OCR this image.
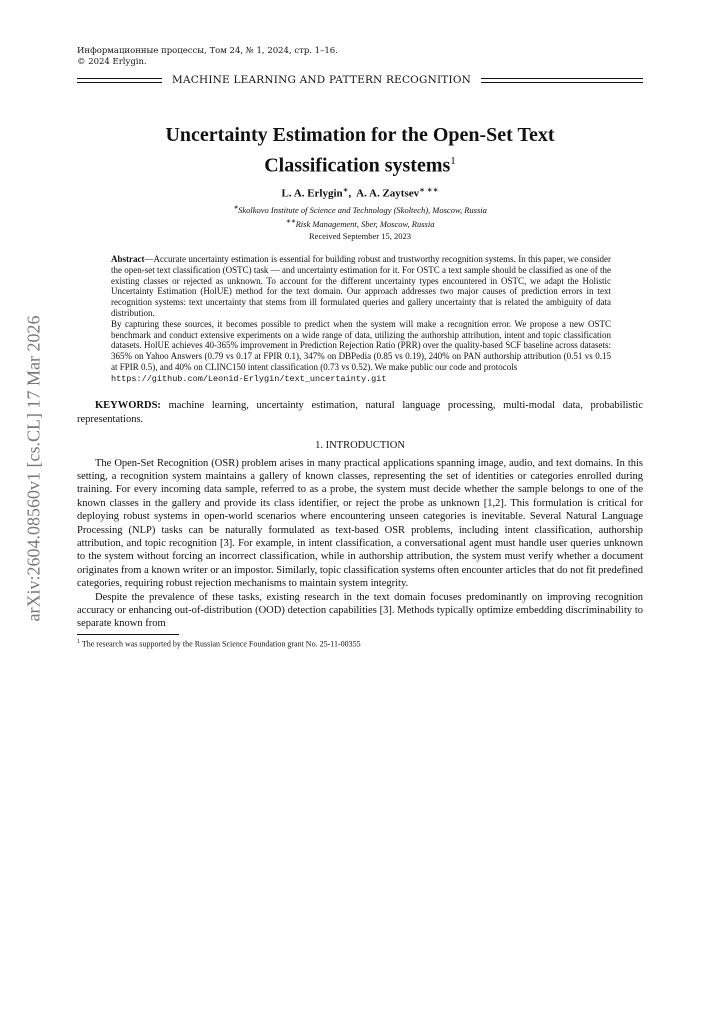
arXiv:2604.08560v1 [cs.CL] 17 Mar 2026
Информационные процессы, Том 24, № 1, 2024, стр. 1–16.
© 2024 Erlygin.
MACHINE LEARNING AND PATTERN RECOGNITION
Uncertainty Estimation for the Open-Set Text
Classification systems$^1$
L. A. Erlygin∗,  A. A. Zaytsev∗ ∗∗
∗Skolkovo Institute of Science and Technology (Skoltech), Moscow, Russia
∗∗Risk Management, Sber, Moscow, Russia
Received September 15, 2023

Abstract—Accurate uncertainty estimation is essential for building robust and trustworthy recognition systems. In this paper, we consider the open-set text classification (OSTC) task — and uncertainty estimation for it. For OSTC a text sample should be classified as one of the existing classes or rejected as unknown. To account for the different uncertainty types encountered in OSTC, we adapt the Holistic Uncertainty Estimation (HolUE) method for the text domain. Our approach addresses two major causes of prediction errors in text recognition systems: text uncertainty that stems from ill formulated queries and gallery uncertainty that is related the ambiguity of data distribution.

By capturing these sources, it becomes possible to predict when the system will make a recognition error. We propose a new OSTC benchmark and conduct extensive experiments on a wide range of data, utilizing the authorship attribution, intent and topic classification datasets. HolUE achieves 40-365% improvement in Prediction Rejection Ratio (PRR) over the quality-based SCF baseline across datasets: 365% on Yahoo Answers (0.79 vs 0.17 at FPIR 0.1), 347% on DBPedia (0.85 vs 0.19), 240% on PAN authorship attribution (0.51 vs 0.15 at FPIR 0.5), and 40% on CLINC150 intent classification (0.73 vs 0.52). We make public our code and protocols
https://github.com/Leonid-Erlygin/text_uncertainty.git

KEYWORDS: machine learning, uncertainty estimation, natural language processing, multi-modal data, probabilistic representations.
1. INTRODUCTION

The Open-Set Recognition (OSR) problem arises in many practical applications spanning image, audio, and text domains. In this setting, a recognition system maintains a gallery of known classes, representing the set of identities or categories enrolled during training. For every incoming data sample, referred to as a probe, the system must decide whether the sample belongs to one of the known classes in the gallery and provide its class identifier, or reject the probe as unknown [1,2]. This formulation is critical for deploying robust systems in open-world scenarios where encountering unseen categories is inevitable. Several Natural Language Processing (NLP) tasks can be naturally formulated as text-based OSR problems, including intent classification, authorship attribution, and topic recognition [3]. For example, in intent classification, a conversational agent must handle user queries unknown to the system without forcing an incorrect classification, while in authorship attribution, the system must verify whether a document originates from a known writer or an impostor. Similarly, topic classification systems often encounter articles that do not fit predefined categories, requiring robust rejection mechanisms to maintain system integrity.

Despite the prevalence of these tasks, existing research in the text domain focuses predominantly on improving recognition accuracy or enhancing out-of-distribution (OOD) detection capabilities [3]. Methods typically optimize embedding discriminability to separate known from

$^1$ The research was supported by the Russian Science Foundation grant No. 25-11-00355
